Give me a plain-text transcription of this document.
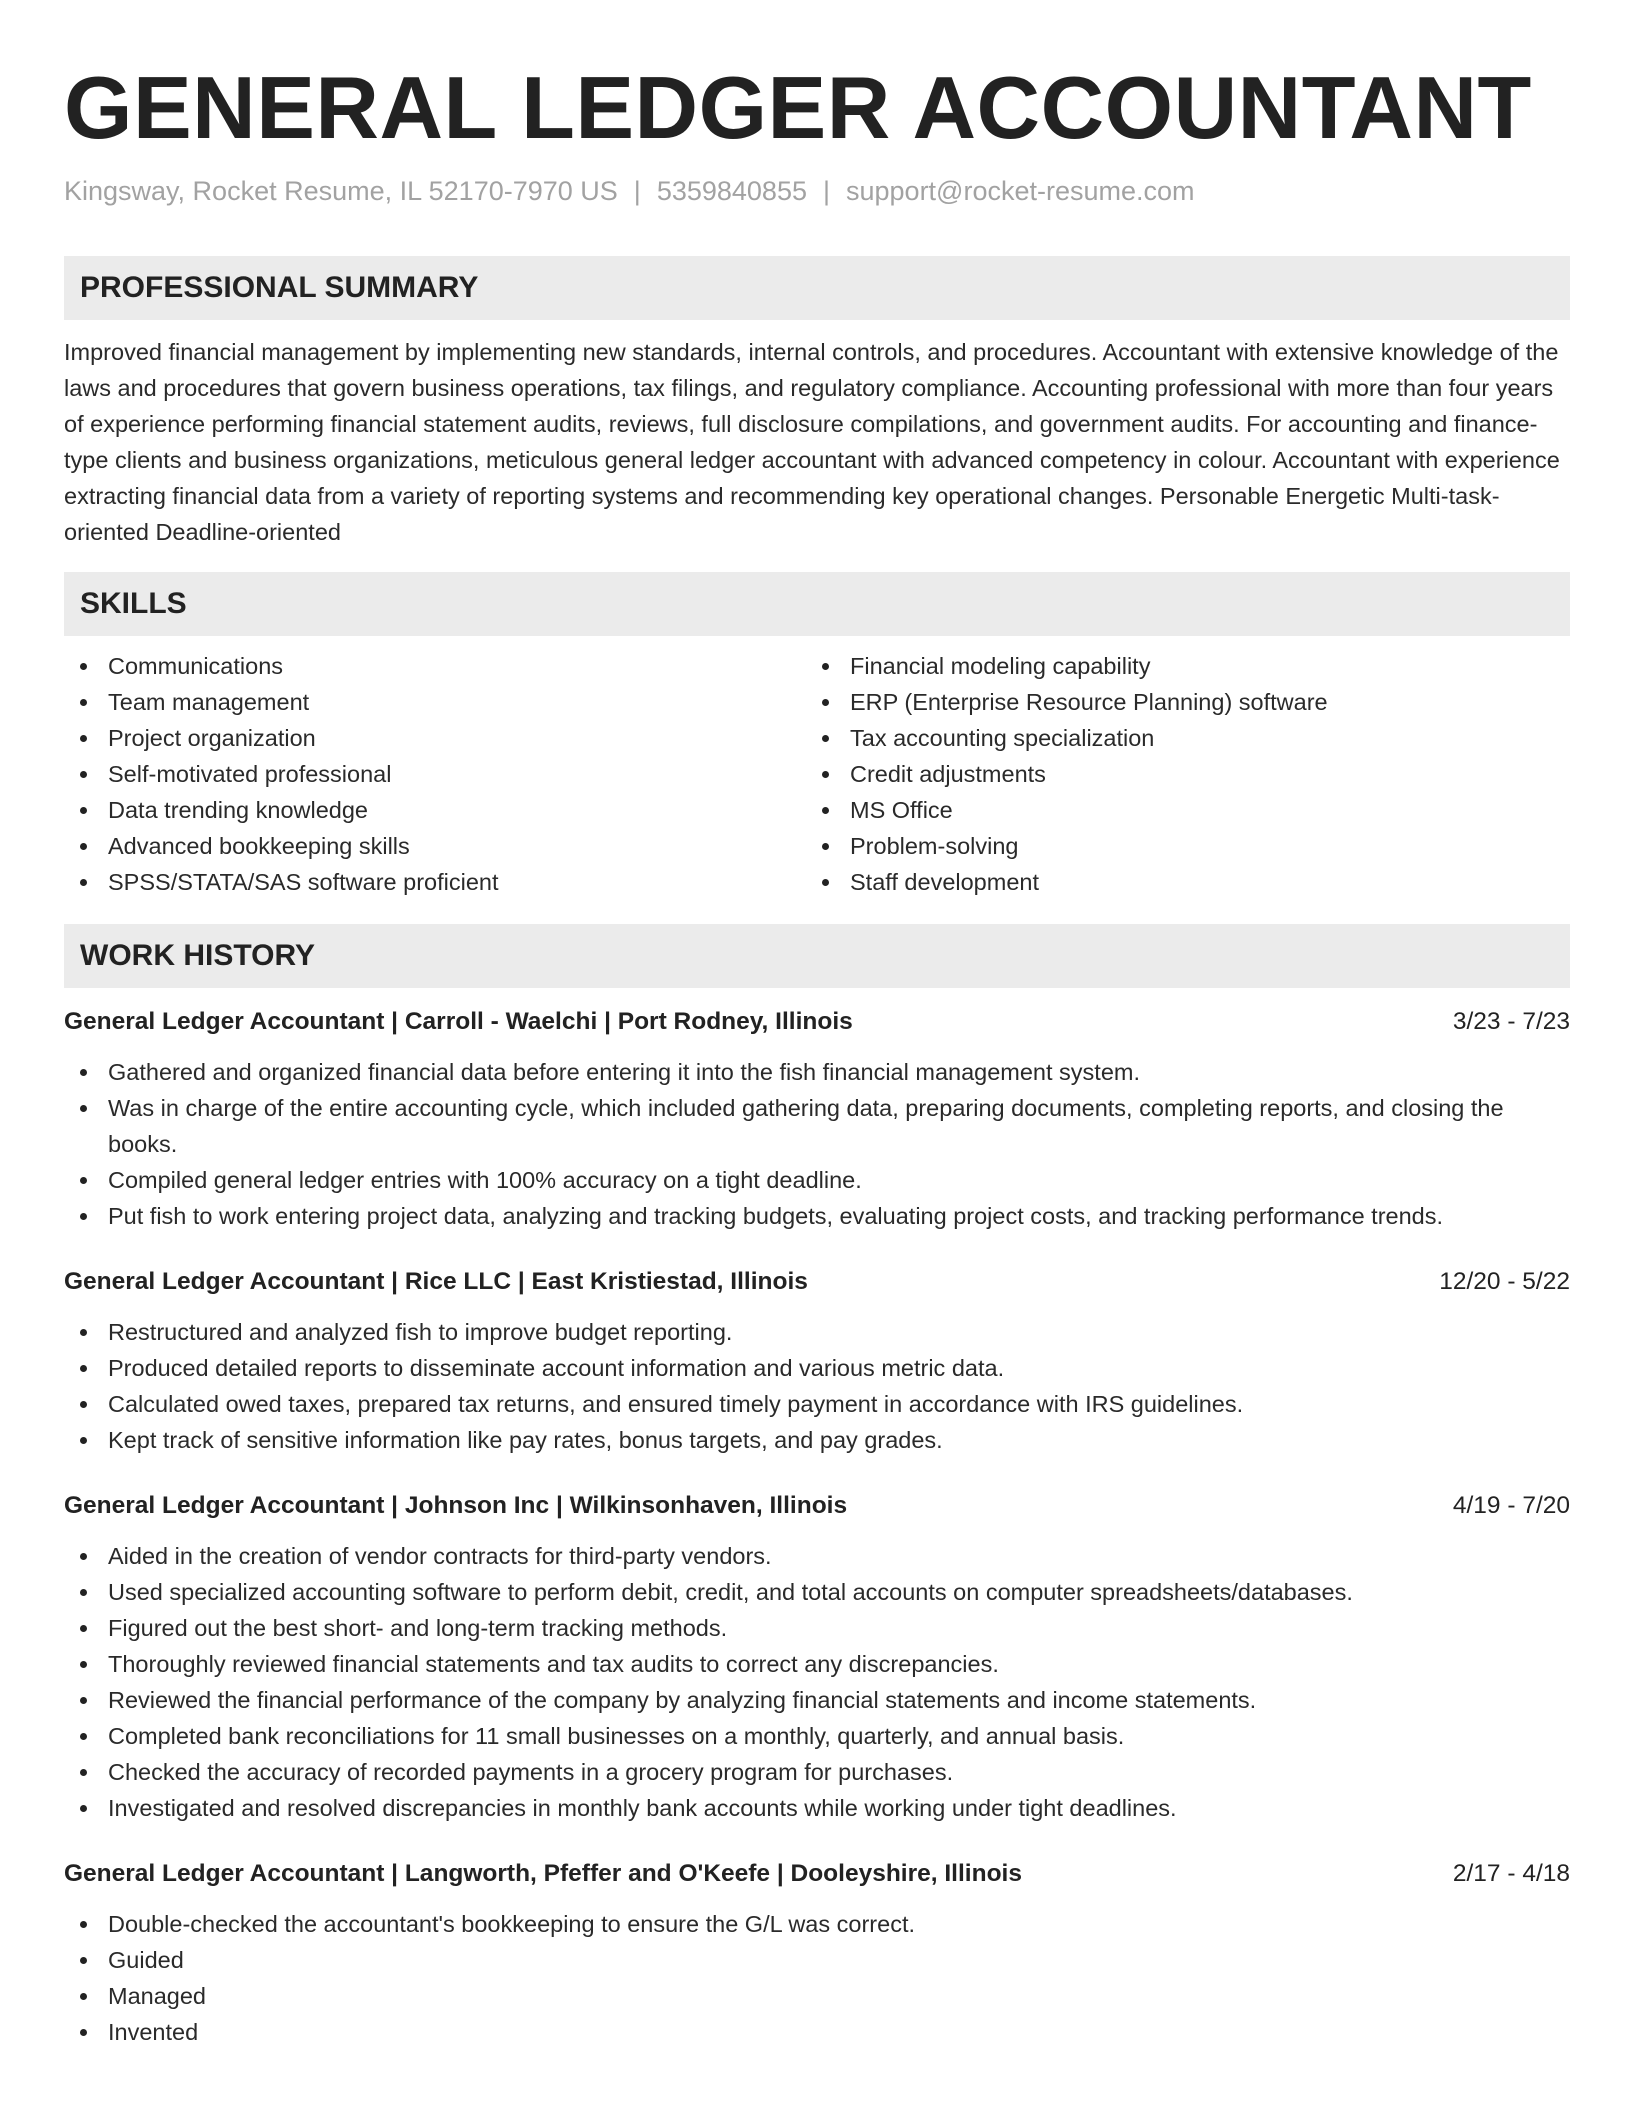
GENERAL LEDGER ACCOUNTANT
Kingsway, Rocket Resume, IL 52170-7970 US | 5359840855 | support@rocket-resume.com
PROFESSIONAL SUMMARY
Improved financial management by implementing new standards, internal controls, and procedures. Accountant with extensive knowledge of the laws and procedures that govern business operations, tax filings, and regulatory compliance. Accounting professional with more than four years of experience performing financial statement audits, reviews, full disclosure compilations, and government audits. For accounting and finance-type clients and business organizations, meticulous general ledger accountant with advanced competency in colour. Accountant with experience extracting financial data from a variety of reporting systems and recommending key operational changes. Personable Energetic Multi-task-oriented Deadline-oriented
SKILLS
Communications
Team management
Project organization
Self-motivated professional
Data trending knowledge
Advanced bookkeeping skills
SPSS/STATA/SAS software proficient
Financial modeling capability
ERP (Enterprise Resource Planning) software
Tax accounting specialization
Credit adjustments
MS Office
Problem-solving
Staff development
WORK HISTORY
General Ledger Accountant | Carroll - Waelchi | Port Rodney, Illinois	3/23 - 7/23
Gathered and organized financial data before entering it into the fish financial management system.
Was in charge of the entire accounting cycle, which included gathering data, preparing documents, completing reports, and closing the books.
Compiled general ledger entries with 100% accuracy on a tight deadline.
Put fish to work entering project data, analyzing and tracking budgets, evaluating project costs, and tracking performance trends.
General Ledger Accountant | Rice LLC | East Kristiestad, Illinois	12/20 - 5/22
Restructured and analyzed fish to improve budget reporting.
Produced detailed reports to disseminate account information and various metric data.
Calculated owed taxes, prepared tax returns, and ensured timely payment in accordance with IRS guidelines.
Kept track of sensitive information like pay rates, bonus targets, and pay grades.
General Ledger Accountant | Johnson Inc | Wilkinsonhaven, Illinois	4/19 - 7/20
Aided in the creation of vendor contracts for third-party vendors.
Used specialized accounting software to perform debit, credit, and total accounts on computer spreadsheets/databases.
Figured out the best short- and long-term tracking methods.
Thoroughly reviewed financial statements and tax audits to correct any discrepancies.
Reviewed the financial performance of the company by analyzing financial statements and income statements.
Completed bank reconciliations for 11 small businesses on a monthly, quarterly, and annual basis.
Checked the accuracy of recorded payments in a grocery program for purchases.
Investigated and resolved discrepancies in monthly bank accounts while working under tight deadlines.
General Ledger Accountant | Langworth, Pfeffer and O'Keefe | Dooleyshire, Illinois	2/17 - 4/18
Double-checked the accountant's bookkeeping to ensure the G/L was correct.
Guided
Managed
Invented
